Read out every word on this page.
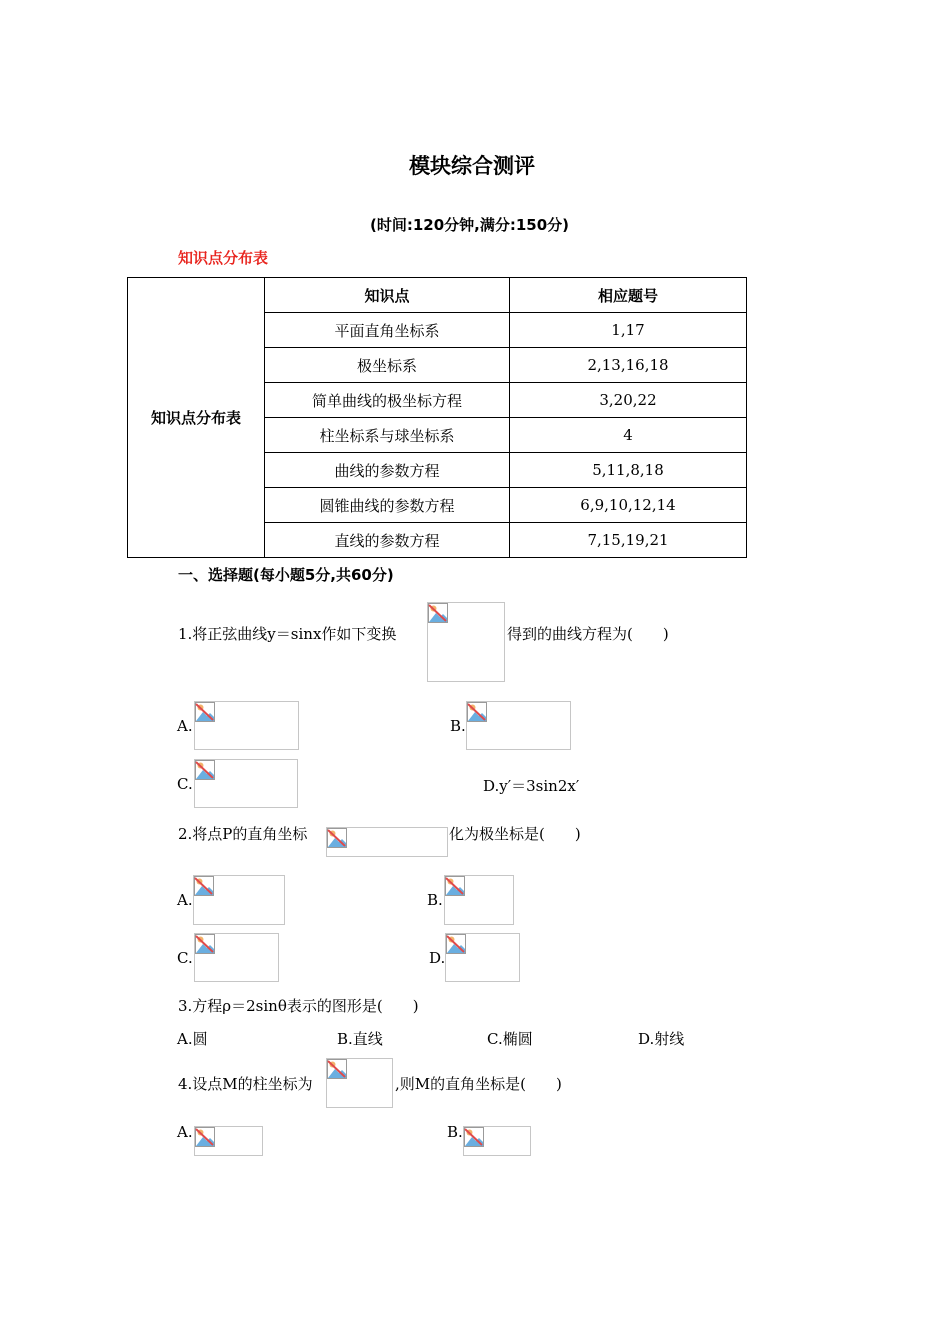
模块综合测评
(时间:120分钟,满分:150分)
知识点分布表
知识点分布表	知识点	相应题号
	平面直角坐标系	1,17
	极坐标系	2,13,16,18
	简单曲线的极坐标方程	3,20,22
	柱坐标系与球坐标系	4
	曲线的参数方程	5,11,8,18
	圆锥曲线的参数方程	6,9,10,12,14
	直线的参数方程	7,15,19,21
一、选择题(每小题5分,共60分)
1.将正弦曲线y＝sinx作如下变换	得到的曲线方程为(　　)
A.	B.
C.	D.y′＝3sin2x′
2.将点P的直角坐标	化为极坐标是(　　)
A.	B.
C.	D.
3.方程ρ＝2sinθ表示的图形是(　　)
A.圆	B.直线	C.椭圆	D.射线
4.设点M的柱坐标为	,则M的直角坐标是(　　)
A.	B.
